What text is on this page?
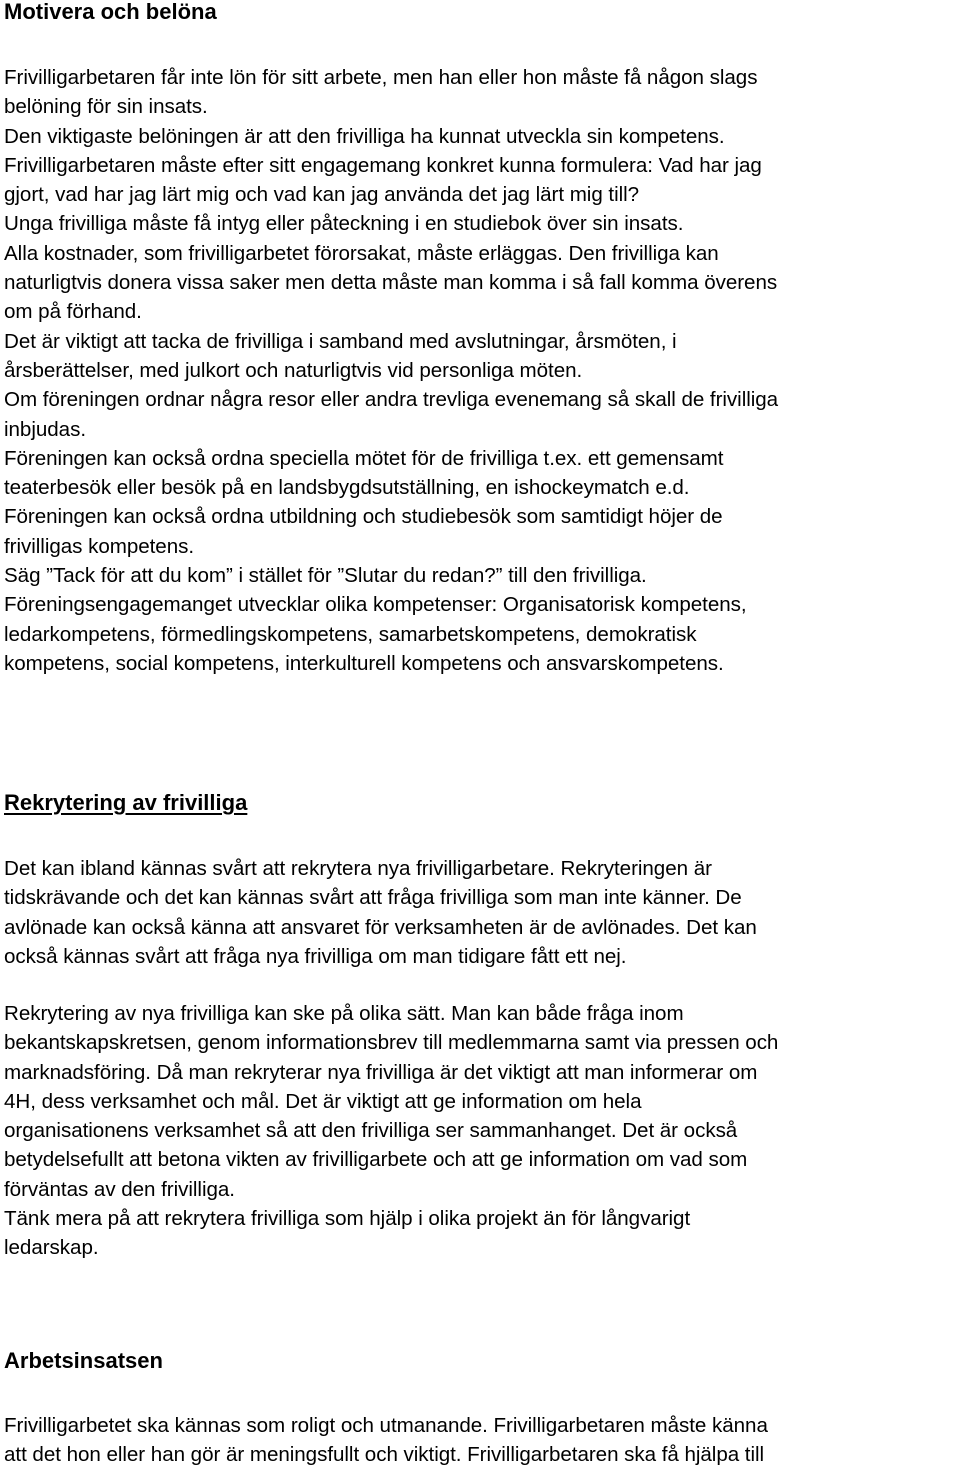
Motivera och belöna
Frivilligarbetaren får inte lön för sitt arbete, men han eller hon måste få någon slags
belöning för sin insats.
Den viktigaste belöningen är att den frivilliga ha kunnat utveckla sin kompetens.
Frivilligarbetaren måste efter sitt engagemang konkret kunna formulera: Vad har jag
gjort, vad har jag lärt mig och vad kan jag använda det jag lärt mig till?
Unga frivilliga måste få intyg eller påteckning i en studiebok över sin insats.
Alla kostnader, som frivilligarbetet förorsakat, måste erläggas. Den frivilliga kan
naturligtvis donera vissa saker men detta måste man komma i så fall komma överens
om på förhand.
Det är viktigt att tacka de frivilliga i samband med avslutningar, årsmöten, i
årsberättelser, med julkort och naturligtvis vid personliga möten.
Om föreningen ordnar några resor eller andra trevliga evenemang så skall de frivilliga
inbjudas.
Föreningen kan också ordna speciella mötet för de frivilliga t.ex. ett gemensamt
teaterbesök eller besök på en landsbygdsutställning, en ishockeymatch e.d.
Föreningen kan också ordna utbildning och studiebesök som samtidigt höjer de
frivilligas kompetens.
Säg ”Tack för att du kom” i stället för ”Slutar du redan?” till den frivilliga.
Föreningsengagemanget utvecklar olika kompetenser: Organisatorisk kompetens,
ledarkompetens, förmedlingskompetens, samarbetskompetens, demokratisk
kompetens, social kompetens, interkulturell kompetens och ansvarskompetens.
Rekrytering av frivilliga
Det kan ibland kännas svårt att rekrytera nya frivilligarbetare. Rekryteringen är
tidskrävande och det kan kännas svårt att fråga frivilliga som man inte känner. De
avlönade kan också känna att ansvaret för verksamheten är de avlönades. Det kan
också kännas svårt att fråga nya frivilliga om man tidigare fått ett nej.
Rekrytering av nya frivilliga kan ske på olika sätt. Man kan både fråga inom
bekantskapskretsen, genom informationsbrev till medlemmarna samt via pressen och
marknadsföring. Då man rekryterar nya frivilliga är det viktigt att man informerar om
4H, dess verksamhet och mål. Det är viktigt att ge information om hela
organisationens verksamhet så att den frivilliga ser sammanhanget. Det är också
betydelsefullt att betona vikten av frivilligarbete och att ge information om vad som
förväntas av den frivilliga.
Tänk mera på att rekrytera frivilliga som hjälp i olika projekt än för långvarigt
ledarskap.
Arbetsinsatsen
Frivilligarbetet ska kännas som roligt och utmanande. Frivilligarbetaren måste känna
att det hon eller han gör är meningsfullt och viktigt. Frivilligarbetaren ska få hjälpa till
